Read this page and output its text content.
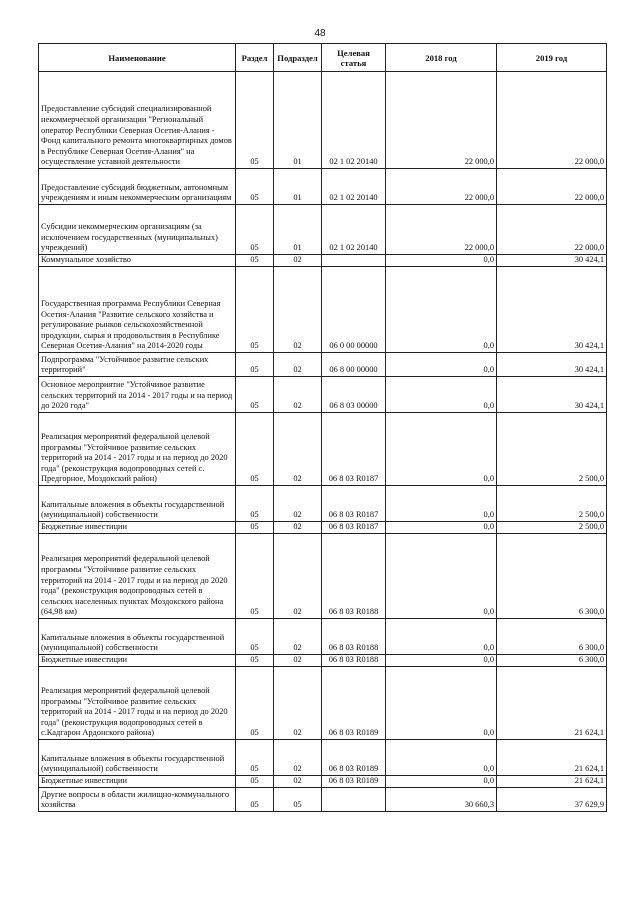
48
Наименование	Раздел	Подраздел	Целевая статья	2018 год	2019 год
Предоставление субсидий специализированной некоммерческой организации "Региональный оператор Республики Северная Осетия-Алания - Фонд капитального ремонта многоквартирных домов в Республике Северная Осетия-Алания" на осуществление уставной деятельности	05	01	02 1 02 20140	22 000,0	22 000,0
Предоставление субсидий бюджетным, автономным учреждениям и иным некоммерческим организациям	05	01	02 1 02 20140	22 000,0	22 000,0
Субсидии некоммерческим организациям (за исключением государственных (муниципальных) учреждений)	05	01	02 1 02 20140	22 000,0	22 000,0
Коммунальное хозяйство	05	02		0,0	30 424,1
Государственная программа Республики Северная Осетия-Алания "Развитие сельского хозяйства и регулирование рынков сельскохозяйственной продукции, сырья и продовольствия в Республике Северная Осетия-Алания" на 2014-2020 годы	05	02	06 0 00 00000	0,0	30 424,1
Подпрограмма "Устойчивое развитие сельских территорий"	05	02	06 8 00 00000	0,0	30 424,1
Основное мероприятие "Устойчивое развитие сельских территорий на 2014 - 2017 годы и на период до 2020 года"	05	02	06 8 03 00000	0,0	30 424,1
Реализация мероприятий федеральной целевой программы "Устойчивое развитие сельских территорий на 2014 - 2017 годы и на период до 2020 года" (реконструкция водопроводных сетей с. Предгорное, Моздокский район)	05	02	06 8 03 R0187	0,0	2 500,0
Капитальные вложения в объекты государственной (муниципальной) собственности	05	02	06 8 03 R0187	0,0	2 500,0
Бюджетные инвестиции	05	02	06 8 03 R0187	0,0	2 500,0
Реализация мероприятий федеральной целевой программы "Устойчивое развитие сельских территорий на 2014 - 2017 годы и на период до 2020 года" (реконструкция водопроводных сетей в сельских населенных пунктах Моздокского района (64,98 км)	05	02	06 8 03 R0188	0,0	6 300,0
Капитальные вложения в объекты государственной (муниципальной) собственности	05	02	06 8 03 R0188	0,0	6 300,0
Бюджетные инвестиции	05	02	06 8 03 R0188	0,0	6 300,0
Реализация мероприятий федеральной целевой программы "Устойчивое развитие сельских территорий на 2014 - 2017 годы и на период до 2020 года" (реконструкция водопроводных сетей в с.Кадгарон Ардонского района)	05	02	06 8 03 R0189	0,0	21 624,1
Капитальные вложения в объекты государственной (муниципальной) собственности	05	02	06 8 03 R0189	0,0	21 624,1
Бюджетные инвестиции	05	02	06 8 03 R0189	0,0	21 624,1
Другие вопросы в области жилищно-коммунального хозяйства	05	05		30 660,3	37 629,9
